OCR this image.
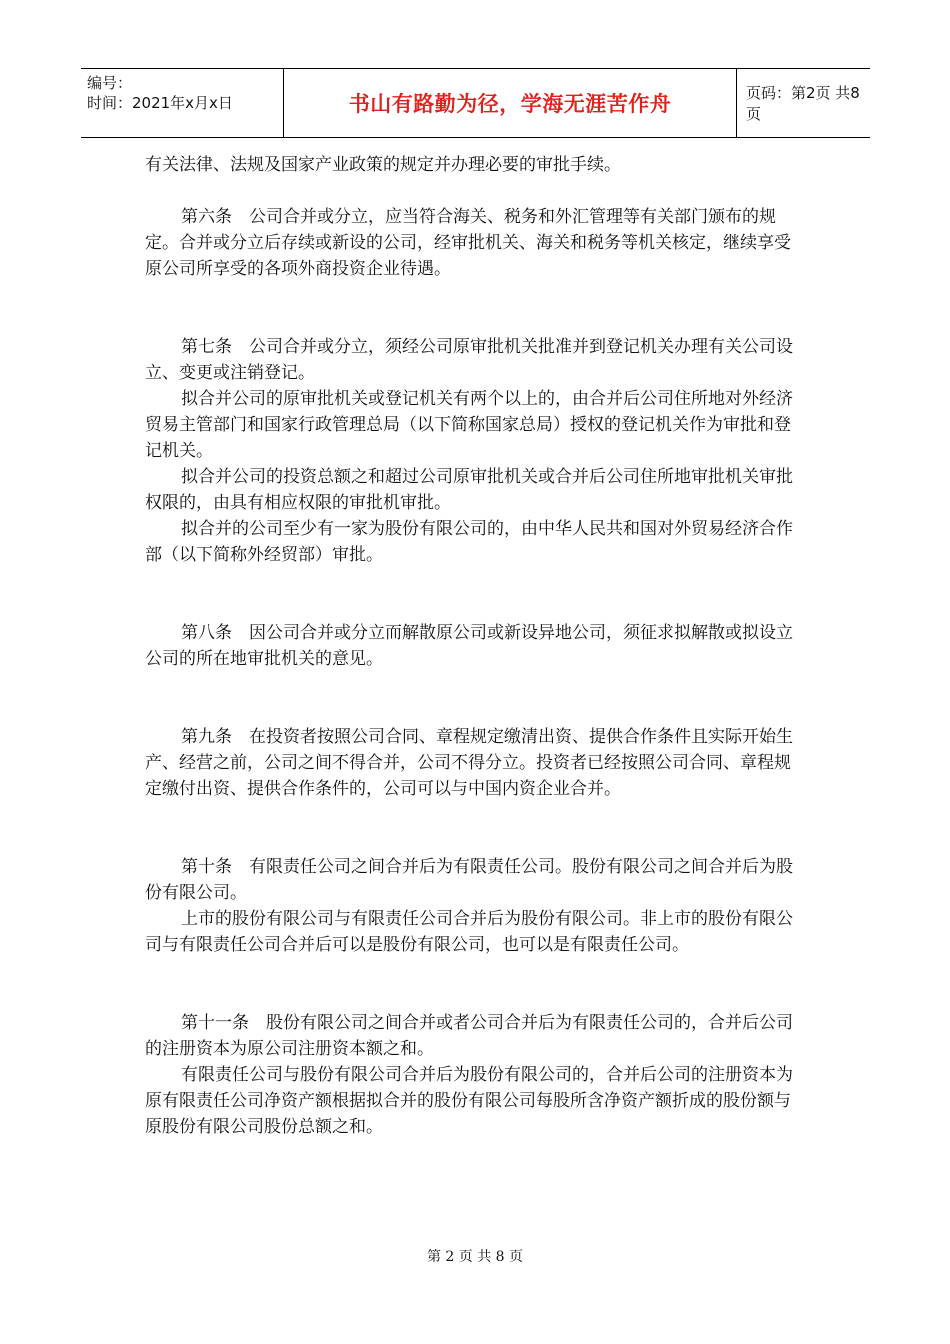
编号：
时间：2021年x月x日	书山有路勤为径，学海无涯苦作舟	页码：第2页 共8页

有关法律、法规及国家产业政策的规定并办理必要的审批手续。

第六条　公司合并或分立，应当符合海关、税务和外汇管理等有关部门颁布的规定。合并或分立后存续或新设的公司，经审批机关、海关和税务等机关核定，继续享受原公司所享受的各项外商投资企业待遇。

第七条　公司合并或分立，须经公司原审批机关批准并到登记机关办理有关公司设立、变更或注销登记。

拟合并公司的原审批机关或登记机关有两个以上的，由合并后公司住所地对外经济贸易主管部门和国家行政管理总局（以下简称国家总局）授权的登记机关作为审批和登记机关。

拟合并公司的投资总额之和超过公司原审批机关或合并后公司住所地审批机关审批权限的，由具有相应权限的审批机审批。

拟合并的公司至少有一家为股份有限公司的，由中华人民共和国对外贸易经济合作部（以下简称外经贸部）审批。

第八条　因公司合并或分立而解散原公司或新设异地公司，须征求拟解散或拟设立公司的所在地审批机关的意见。

第九条　在投资者按照公司合同、章程规定缴清出资、提供合作条件且实际开始生产、经营之前，公司之间不得合并，公司不得分立。投资者已经按照公司合同、章程规定缴付出资、提供合作条件的，公司可以与中国内资企业合并。

第十条　有限责任公司之间合并后为有限责任公司。股份有限公司之间合并后为股份有限公司。

上市的股份有限公司与有限责任公司合并后为股份有限公司。非上市的股份有限公司与有限责任公司合并后可以是股份有限公司，也可以是有限责任公司。

第十一条　股份有限公司之间合并或者公司合并后为有限责任公司的，合并后公司的注册资本为原公司注册资本额之和。

有限责任公司与股份有限公司合并后为股份有限公司的，合并后公司的注册资本为原有限责任公司净资产额根据拟合并的股份有限公司每股所含净资产额折成的股份额与原股份有限公司股份总额之和。

第 2 页 共 8 页
